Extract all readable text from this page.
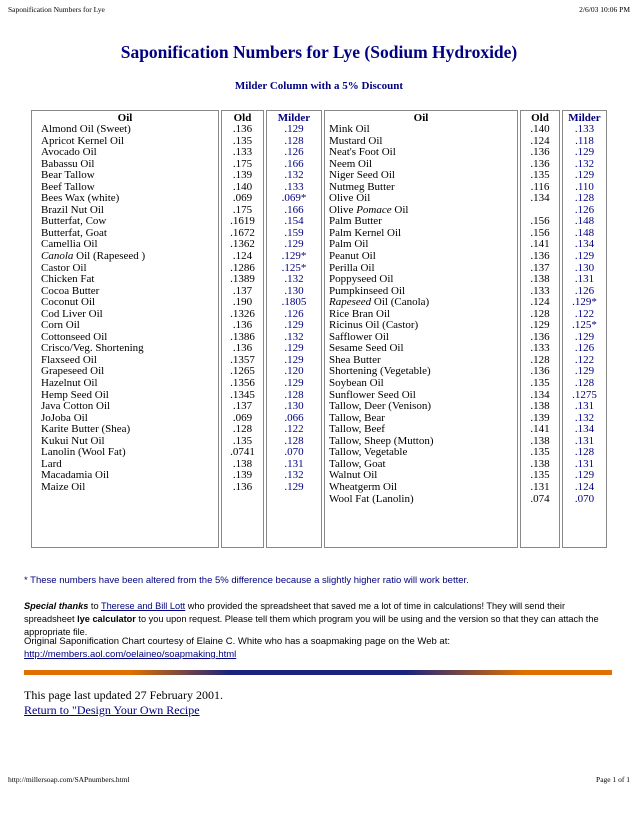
Saponification Numbers for Lye	2/6/03 10:06 PM
Saponification Numbers for Lye (Sodium Hydroxide)
Milder Column with a 5% Discount
Oil
Almond Oil (Sweet)
Apricot Kernel Oil
Avocado Oil
Babassu Oil
Bear Tallow
Beef Tallow
Bees Wax (white)
Brazil Nut Oil
Butterfat, Cow
Butterfat, Goat
Camellia Oil
Canola Oil (Rapeseed )
Castor Oil
Chicken Fat
Cocoa Butter
Coconut Oil
Cod Liver Oil
Corn Oil
Cottonseed Oil
Crisco/Veg. Shortening
Flaxseed Oil
Grapeseed Oil
Hazelnut Oil
Hemp Seed Oil
Java Cotton Oil
JoJoba Oil
Karite Butter (Shea)
Kukui Nut Oil
Lanolin (Wool Fat)
Lard
Macadamia Oil
Maize Oil
Old
.136
.135
.133
.175
.139
.140
.069
.175
.1619
.1672
.1362
.124
.1286
.1389
.137
.190
.1326
.136
.1386
.136
.1357
.1265
.1356
.1345
.137
.069
.128
.135
.0741
.138
.139
.136
Milder
.129
.128
.126
.166
.132
.133
.069*
.166
.154
.159
.129
.129*
.125*
.132
.130
.1805
.126
.129
.132
.129
.129
.120
.129
.128
.130
.066
.122
.128
.070
.131
.132
.129
Oil
Mink Oil
Mustard Oil
Neat's Foot Oil
Neem Oil
Niger Seed Oil
Nutmeg Butter
Olive Oil
Olive Pomace Oil
Palm Butter
Palm Kernel Oil
Palm Oil
Peanut Oil
Perilla Oil
Poppyseed Oil
Pumpkinseed Oil
Rapeseed Oil (Canola)
Rice Bran Oil
Ricinus Oil (Castor)
Safflower Oil
Sesame Seed Oil
Shea Butter
Shortening (Vegetable)
Soybean Oil
Sunflower Seed Oil
Tallow, Deer (Venison)
Tallow, Bear
Tallow, Beef
Tallow, Sheep (Mutton)
Tallow, Vegetable
Tallow, Goat
Walnut Oil
Wheatgerm Oil
Wool Fat (Lanolin)
Old
.140
.124
.136
.136
.135
.116
.134

.156
.156
.141
.136
.137
.138
.133
.124
.128
.129
.136
.133
.128
.136
.135
.134
.138
.139
.141
.138
.135
.138
.135
.131
.074
Milder
.133
.118
.129
.132
.129
.110
.128
.126
.148
.148
.134
.129
.130
.131
.126
.129*
.122
.125*
.129
.126
.122
.129
.128
.1275
.131
.132
.134
.131
.128
.131
.129
.124
.070
* These numbers have been altered from the 5% difference because a slightly higher ratio will work better.
Special thanks to Therese and Bill Lott who provided the spreadsheet that saved me a lot of time in calculations! They will send their spreadsheet lye calculator to you upon request. Please tell them which program you will be using and the version so that they can attach the appropriate file.
Original Saponification Chart courtesy of Elaine C. White who has a soapmaking page on the Web at:
http://members.aol.com/oelaineo/soapmaking.html
This page last updated 27 February 2001.
Return to "Design Your Own Recipe
http://millersoap.com/SAPnumbers.html	Page 1 of 1
